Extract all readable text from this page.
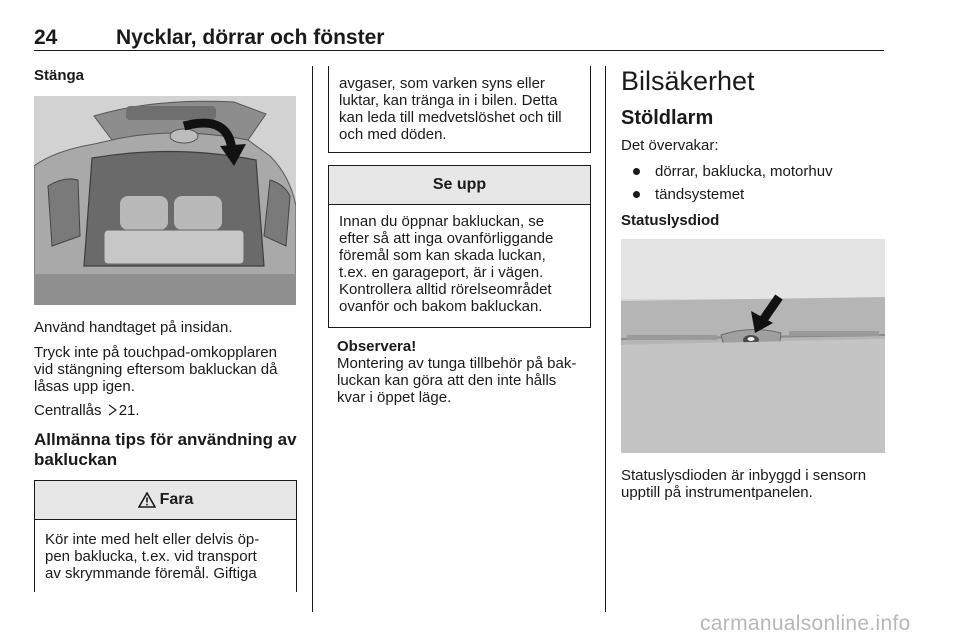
24	Nycklar, dörrar och fönster
Stänga
Använd handtaget på insidan.
Tryck inte på touchpad-omkopplaren
vid stängning eftersom bakluckan då
låsas upp igen.
Centrallås 21.
Allmänna tips för användning av
bakluckan
Fara
Kör inte med helt eller delvis öp-
pen baklucka, t.ex. vid transport
av skrymmande föremål. Giftiga
avgaser, som varken syns eller
luktar, kan tränga in i bilen. Detta
kan leda till medvetslöshet och till
och med döden.
Se upp
Innan du öppnar bakluckan, se
efter så att inga ovanförliggande
föremål som kan skada luckan,
t.ex. en garageport, är i vägen.
Kontrollera alltid rörelseområdet
ovanför och bakom bakluckan.
Observera!
Montering av tunga tillbehör på bak-
luckan kan göra att den inte hålls
kvar i öppet läge.
Bilsäkerhet
Stöldlarm
Det övervakar:
dörrar, baklucka, motorhuv
tändsystemet
Statuslysdiod
Statuslysdioden är inbyggd i sensorn
upptill på instrumentpanelen.
carmanualsonline.info
